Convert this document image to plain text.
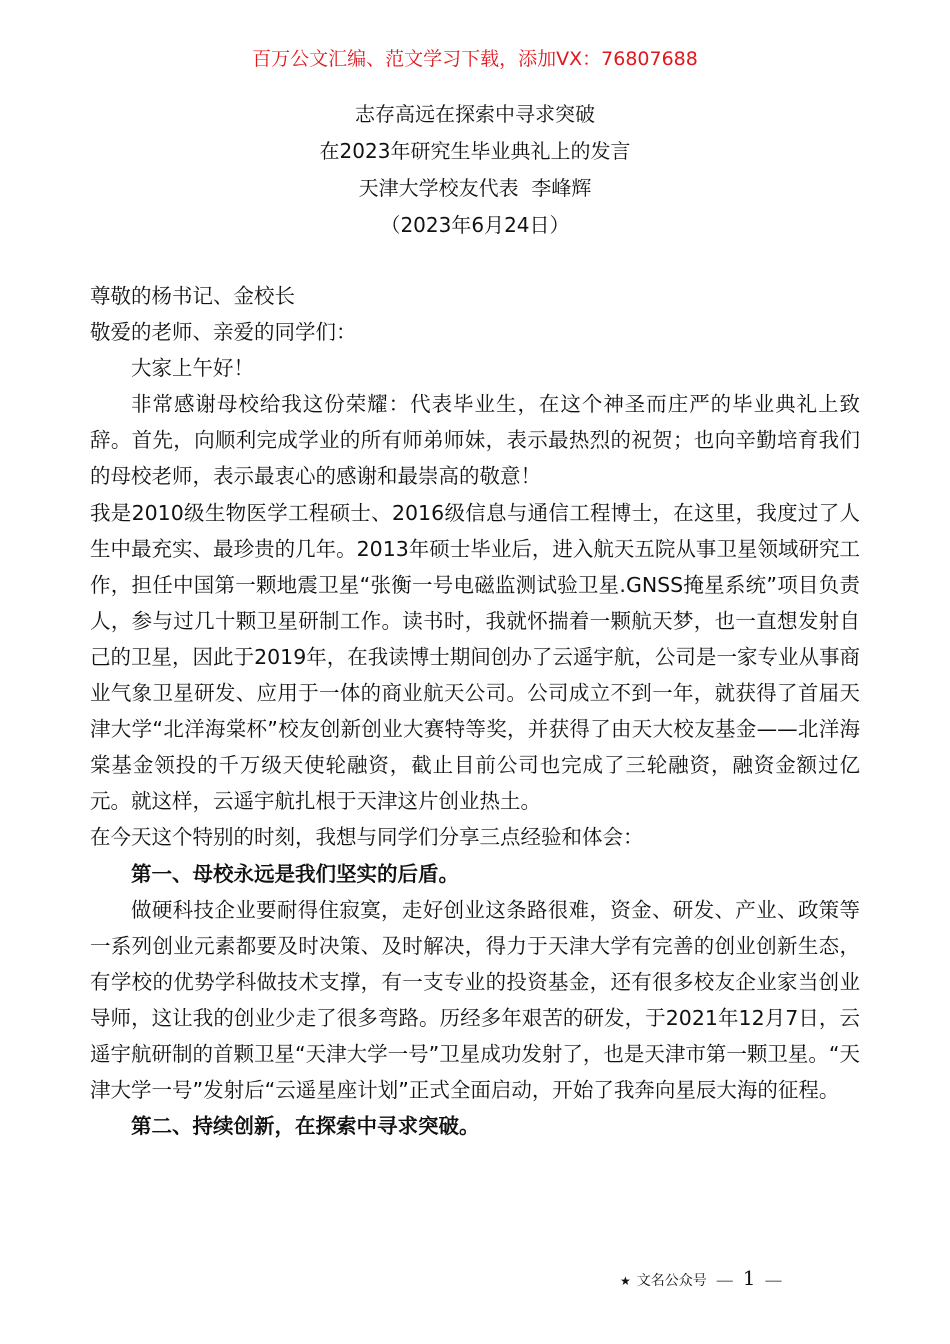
百万公文汇编、范文学习下载，添加VX：76807688
志存高远在探索中寻求突破
在2023年研究生毕业典礼上的发言
天津大学校友代表  李峰辉
（2023年6月24日）

尊敬的杨书记、金校长

敬爱的老师、亲爱的同学们：

大家上午好！

非常感谢母校给我这份荣耀：代表毕业生，在这个神圣而庄严的毕业典礼上致辞。首先，向顺利完成学业的所有师弟师妹，表示最热烈的祝贺；也向辛勤培育我们的母校老师，表示最衷心的感谢和最崇高的敬意！

我是2010级生物医学工程硕士、2016级信息与通信工程博士，在这里，我度过了人生中最充实、最珍贵的几年。2013年硕士毕业后，进入航天五院从事卫星领域研究工作，担任中国第一颗地震卫星“张衡一号电磁监测试验卫星.GNSS掩星系统”项目负责人，参与过几十颗卫星研制工作。读书时，我就怀揣着一颗航天梦，也一直想发射自己的卫星，因此于2019年，在我读博士期间创办了云遥宇航，公司是一家专业从事商业气象卫星研发、应用于一体的商业航天公司。公司成立不到一年，就获得了首届天津大学“北洋海棠杯”校友创新创业大赛特等奖，并获得了由天大校友基金——北洋海棠基金领投的千万级天使轮融资，截止目前公司也完成了三轮融资，融资金额过亿元。就这样，云遥宇航扎根于天津这片创业热土。

在今天这个特别的时刻，我想与同学们分享三点经验和体会：

第一、母校永远是我们坚实的后盾。

做硬科技企业要耐得住寂寞，走好创业这条路很难，资金、研发、产业、政策等一系列创业元素都要及时决策、及时解决，得力于天津大学有完善的创业创新生态，有学校的优势学科做技术支撑，有一支专业的投资基金，还有很多校友企业家当创业导师，这让我的创业少走了很多弯路。历经多年艰苦的研发，于2021年12月7日，云遥宇航研制的首颗卫星“天津大学一号”卫星成功发射了，也是天津市第一颗卫星。“天津大学一号”发射后“云遥星座计划”正式全面启动，开始了我奔向星辰大海的征程。

第二、持续创新，在探索中寻求突破。

★ 文名公众号 — 1 —
